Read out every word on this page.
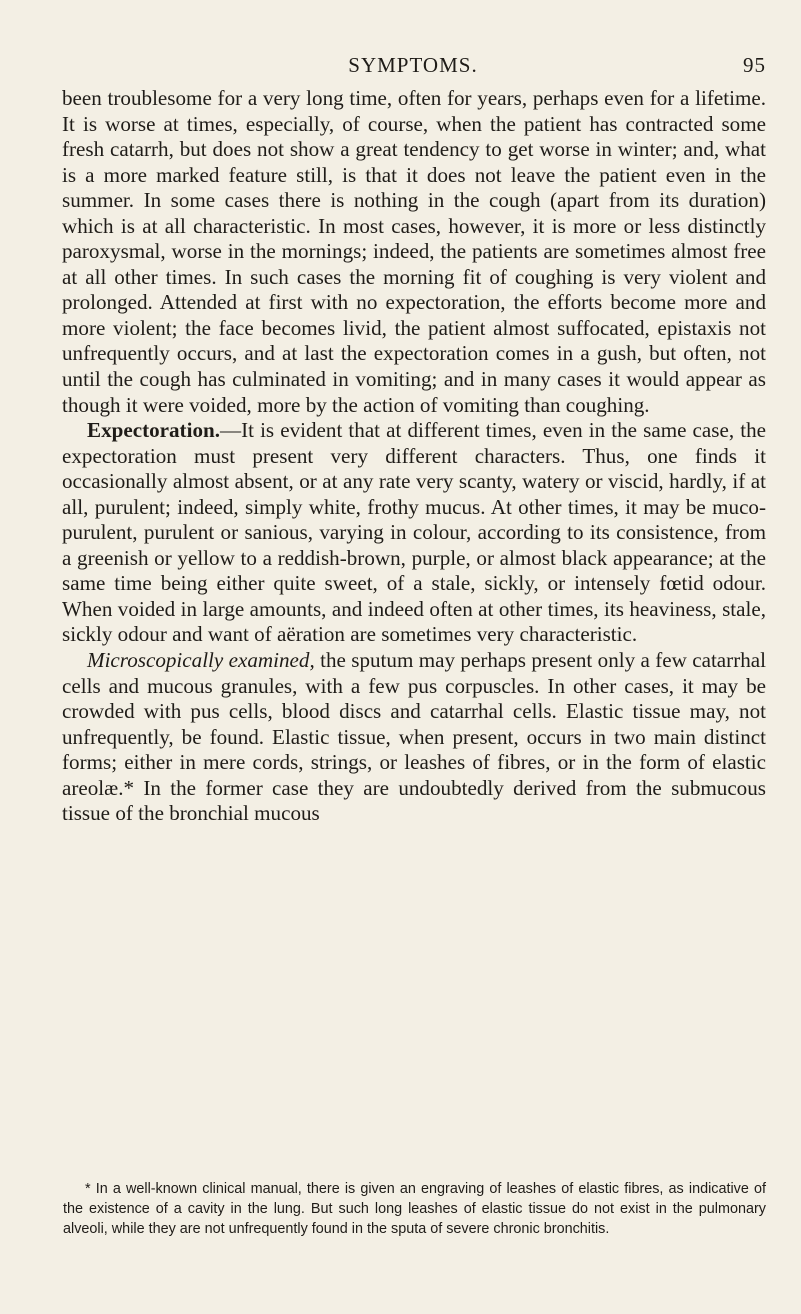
SYMPTOMS.	95

been troublesome for a very long time, often for years, perhaps even for a lifetime. It is worse at times, especially, of course, when the patient has contracted some fresh catarrh, but does not show a great tendency to get worse in winter; and, what is a more marked feature still, is that it does not leave the patient even in the summer. In some cases there is nothing in the cough (apart from its duration) which is at all characteristic. In most cases, however, it is more or less distinctly paroxysmal, worse in the mornings; indeed, the patients are sometimes almost free at all other times. In such cases the morning fit of coughing is very violent and prolonged. Attended at first with no expectoration, the efforts become more and more violent; the face becomes livid, the patient almost suffocated, epistaxis not unfrequently occurs, and at last the expectoration comes in a gush, but often, not until the cough has culminated in vomiting; and in many cases it would appear as though it were voided, more by the action of vomiting than coughing.

Expectoration.—It is evident that at different times, even in the same case, the expectoration must present very different characters. Thus, one finds it occasionally almost absent, or at any rate very scanty, watery or viscid, hardly, if at all, purulent; indeed, simply white, frothy mucus. At other times, it may be muco-purulent, purulent or sanious, varying in colour, according to its consistence, from a greenish or yellow to a reddish-brown, purple, or almost black appearance; at the same time being either quite sweet, of a stale, sickly, or intensely fœtid odour. When voided in large amounts, and indeed often at other times, its heaviness, stale, sickly odour and want of aëration are sometimes very characteristic.

Microscopically examined, the sputum may perhaps present only a few catarrhal cells and mucous granules, with a few pus corpuscles. In other cases, it may be crowded with pus cells, blood discs and catarrhal cells. Elastic tissue may, not unfrequently, be found. Elastic tissue, when present, occurs in two main distinct forms; either in mere cords, strings, or leashes of fibres, or in the form of elastic areolæ.* In the former case they are undoubtedly derived from the submucous tissue of the bronchial mucous

* In a well-known clinical manual, there is given an engraving of leashes of elastic fibres, as indicative of the existence of a cavity in the lung. But such long leashes of elastic tissue do not exist in the pulmonary alveoli, while they are not unfrequently found in the sputa of severe chronic bronchitis.
